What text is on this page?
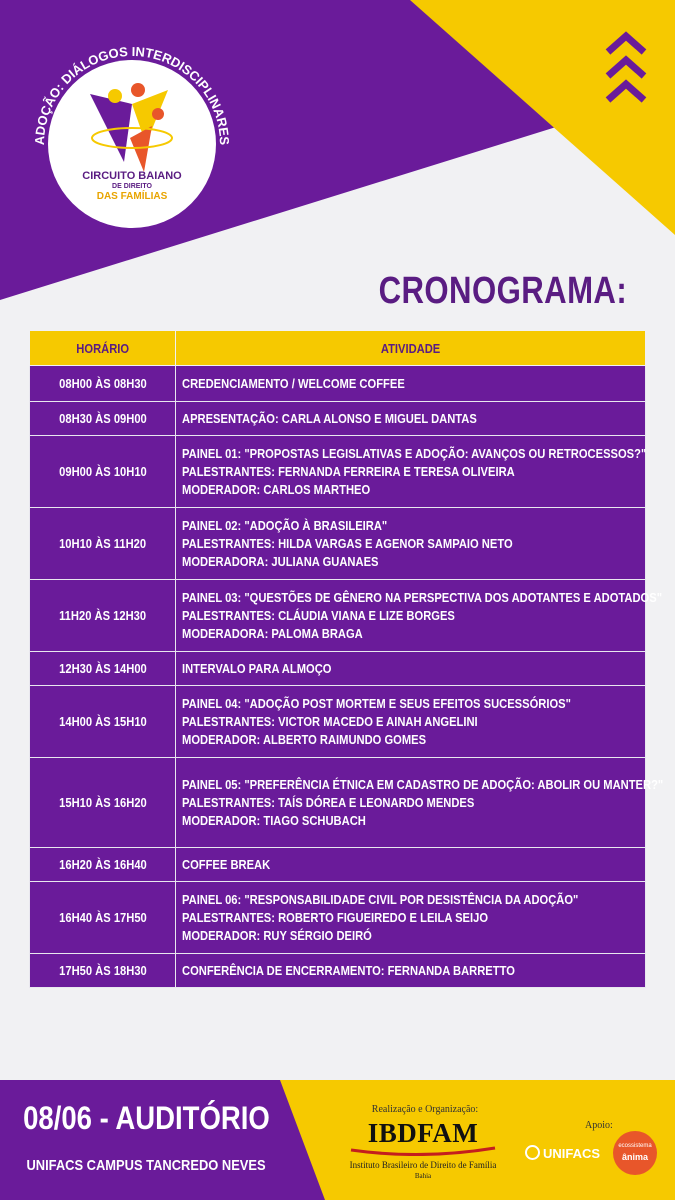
ADOÇÃO: DIÁLOGOS INTERDISCIPLINARES
CIRCUITO BAIANO
DE DIREITO
DAS FAMÍLIAS
CRONOGRAMA:
HORÁRIO	ATIVIDADE
08H00 ÀS 08H30	CREDENCIAMENTO / WELCOME COFFEE

08H30 ÀS 09H00	APRESENTAÇÃO: CARLA ALONSO E MIGUEL DANTAS

09H00 ÀS 10H10	PAINEL 01: "PROPOSTAS LEGISLATIVAS E ADOÇÃO: AVANÇOS OU RETROCESSOS?"
PALESTRANTES: FERNANDA FERREIRA E TERESA OLIVEIRA
MODERADOR: CARLOS MARTHEO

10H10 ÀS 11H20	PAINEL 02: "ADOÇÃO À BRASILEIRA"
PALESTRANTES: HILDA VARGAS E AGENOR SAMPAIO NETO
MODERADORA: JULIANA GUANAES

11H20 ÀS 12H30	PAINEL 03: "QUESTÕES DE GÊNERO NA PERSPECTIVA DOS ADOTANTES E ADOTADOS"
PALESTRANTES: CLÁUDIA VIANA E LIZE BORGES
MODERADORA: PALOMA BRAGA

12H30 ÀS 14H00	INTERVALO PARA ALMOÇO

14H00 ÀS 15H10	PAINEL 04: "ADOÇÃO POST MORTEM E SEUS EFEITOS SUCESSÓRIOS"
PALESTRANTES: VICTOR MACEDO E AINAH ANGELINI
MODERADOR: ALBERTO RAIMUNDO GOMES

15H10 ÀS 16H20	PAINEL 05: "PREFERÊNCIA ÉTNICA EM CADASTRO DE ADOÇÃO: ABOLIR OU MANTER?"
PALESTRANTES: TAÍS DÓREA E LEONARDO MENDES
MODERADOR: TIAGO SCHUBACH

16H20 ÀS 16H40	COFFEE BREAK

16H40 ÀS 17H50	PAINEL 06: "RESPONSABILIDADE CIVIL POR DESISTÊNCIA DA ADOÇÃO"
PALESTRANTES: ROBERTO FIGUEIREDO E LEILA SEIJO
MODERADOR: RUY SÉRGIO DEIRÓ

17H50 ÀS 18H30	CONFERÊNCIA DE ENCERRAMENTO: FERNANDA BARRETTO
08/06 - AUDITÓRIO
UNIFACS CAMPUS TANCREDO NEVES
Realização e Organização:
IBDFAM
Instituto Brasileiro de Direito de Família
Bahia
Apoio:
UNIFACS	ecossistema
ânima
